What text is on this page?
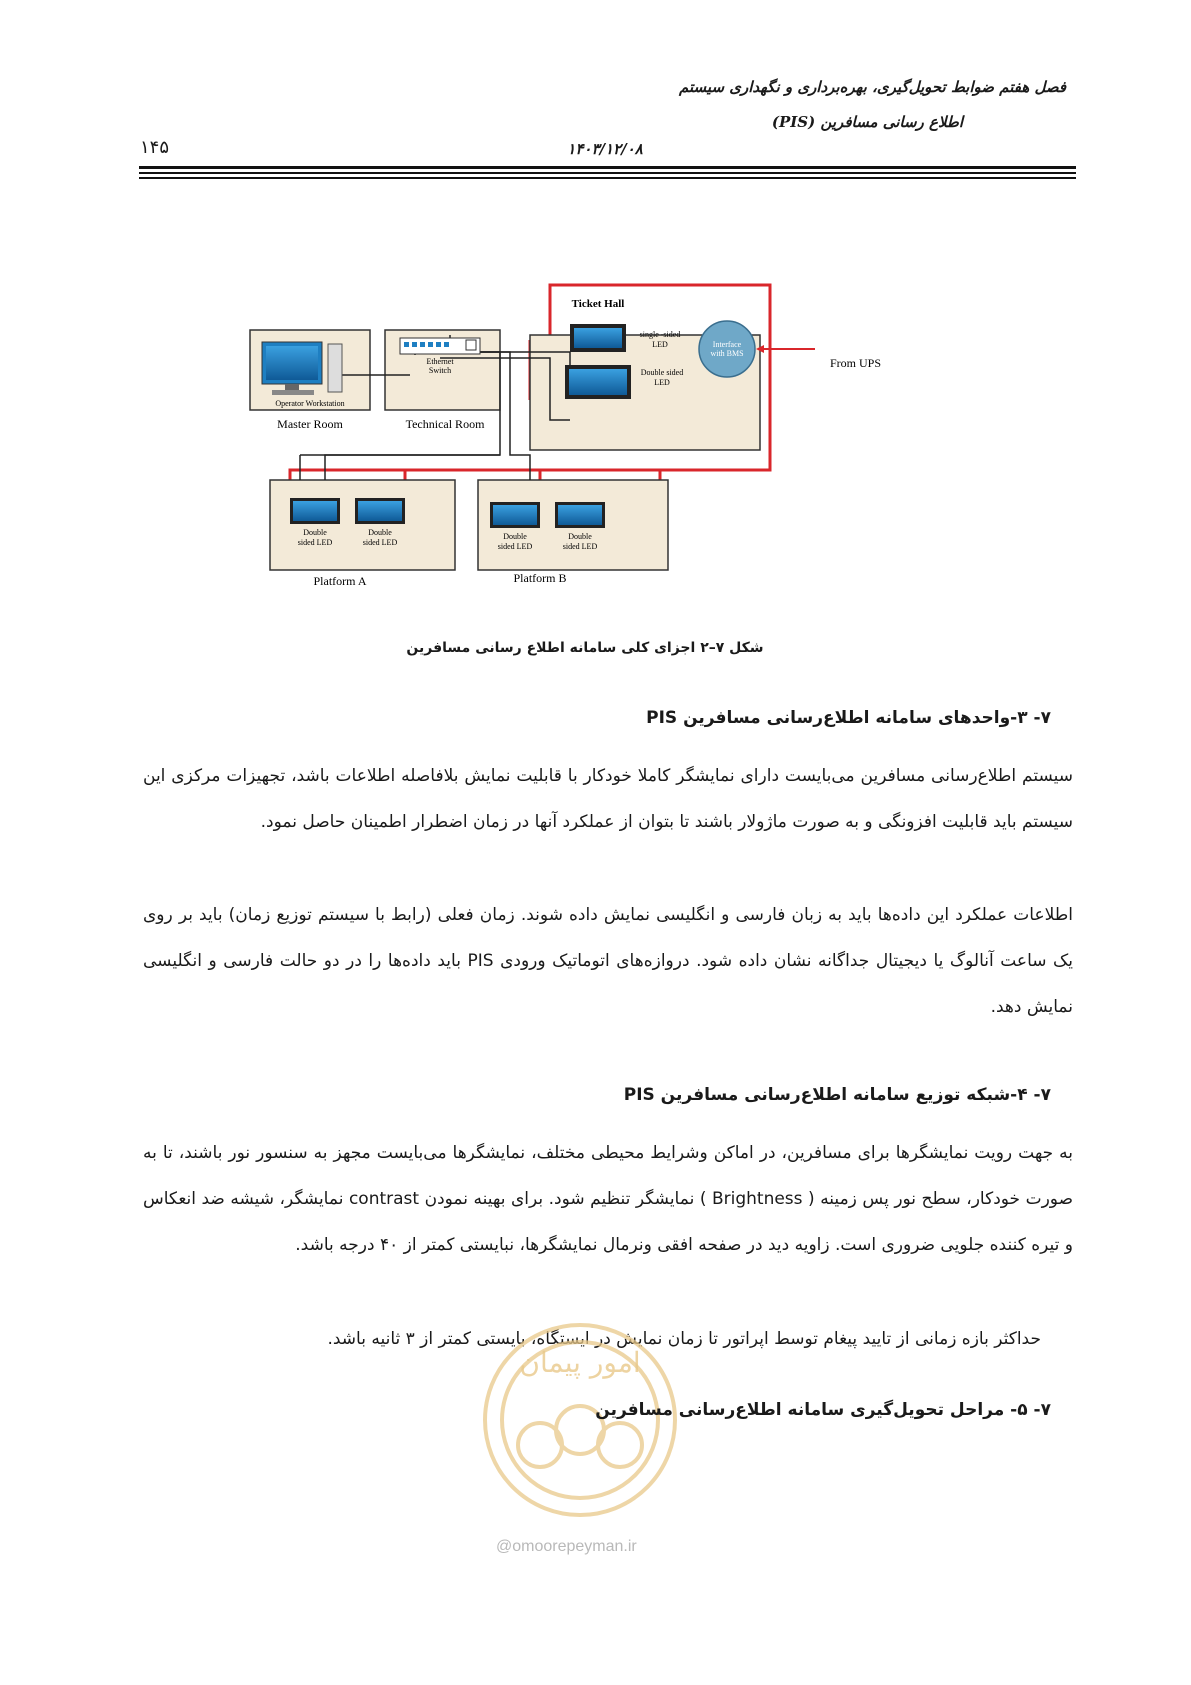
فصل هفتم ضوابط تحویل‌گیری، بهره‌برداری و نگهداری سیستم
اطلاع رسانی مسافرین (PIS)
۱۴۰۳/۱۲/۰۸
۱۴۵
Operator Workstation
Master Room
Ethernet
Switch
Technical Room
Ticket Hall
single -sided
LED
Double sided
LED
Interface
with BMS
From UPS
Double
sided LED
Double
sided LED
Platform A
Double
sided LED
Double
sided LED
Platform B
شکل ۷–۲ اجزای کلی سامانه اطلاع رسانی مسافرین
۷- ۳-واحدهای سامانه اطلاع‌رسانی مسافرین PIS

سیستم اطلاع‌رسانی مسافرین می‌بایست دارای نمایشگر کاملا خودکار با قابلیت نمایش بلافاصله اطلاعات باشد، تجهیزات مرکزی این سیستم باید قابلیت افزونگی و به صورت ماژولار باشند تا بتوان از عملکرد آنها در زمان اضطرار اطمینان حاصل نمود.

اطلاعات عملکرد این داده‌ها باید به زبان فارسی و انگلیسی نمایش داده شوند. زمان فعلی (رابط با سیستم توزیع زمان) باید بر روی یک ساعت آنالوگ یا دیجیتال جداگانه نشان داده شود. دروازه‌های اتوماتیک ورودی PIS باید داده‌ها را در دو حالت فارسی و انگلیسی نمایش دهد.

۷- ۴-شبکه توزیع سامانه اطلاع‌رسانی مسافرین PIS

به جهت رویت نمایشگرها برای مسافرین، در اماکن وشرایط محیطی مختلف، نمایشگرها می‌بایست مجهز به سنسور نور باشند، تا به صورت خودکار، سطح نور پس زمینه ( Brightness ) نمایشگر تنظیم شود. برای بهینه نمودن contrast نمایشگر، شیشه ضد انعکاس و تیره کننده جلویی ضروری است. زاویه دید در صفحه افقی ونرمال نمایشگرها، نبایستی کمتر از ۴۰ درجه باشد.

حداکثر بازه زمانی از تایید پیغام توسط اپراتور تا زمان نمایش در ایستگاه، بایستی کمتر از ۳ ثانیه باشد.

امور پیمان
۷- ۵- مراحل تحویل‌گیری سامانه اطلاع‌رسانی مسافرین
@omoorepeyman.ir
